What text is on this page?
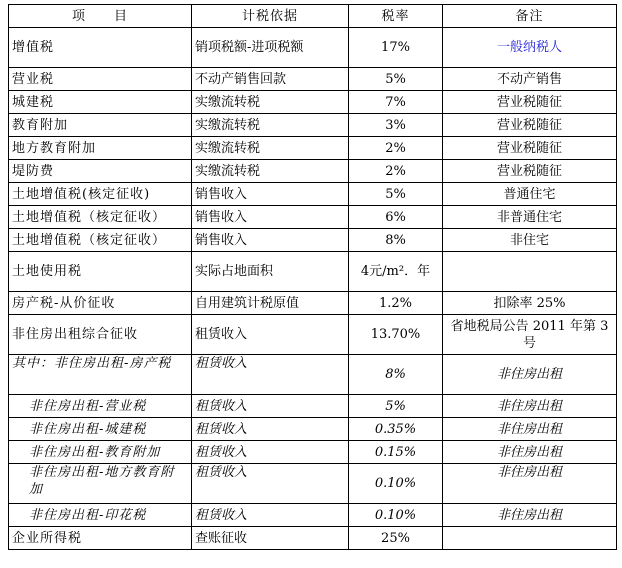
项　　目	计税依据	税率	备注
增值税	销项税额-进项税额	17%	一般纳税人
营业税	不动产销售回款	5%	不动产销售
城建税	实缴流转税	7%	营业税随征
教育附加	实缴流转税	3%	营业税随征
地方教育附加	实缴流转税	2%	营业税随征
堤防费	实缴流转税	2%	营业税随征
土地增值税(核定征收)	销售收入	5%	普通住宅
土地增值税（核定征收）	销售收入	6%	非普通住宅
土地增值税（核定征收）	销售收入	8%	非住宅
土地使用税	实际占地面积	4元/m²．年	
房产税-从价征收	自用建筑计税原值	1.2%	扣除率 25%
非住房出租综合征收	租赁收入	13.70%	省地税局公告 2011 年第 3 号
其中：非住房出租-房产税	租赁收入	8%	非住房出租
非住房出租-营业税	租赁收入	5%	非住房出租
非住房出租-城建税	租赁收入	0.35%	非住房出租
非住房出租-教育附加	租赁收入	0.15%	非住房出租
非住房出租-地方教育附加	租赁收入	0.10%	非住房出租
非住房出租-印花税	租赁收入	0.10%	非住房出租
企业所得税	查账征收	25%	
